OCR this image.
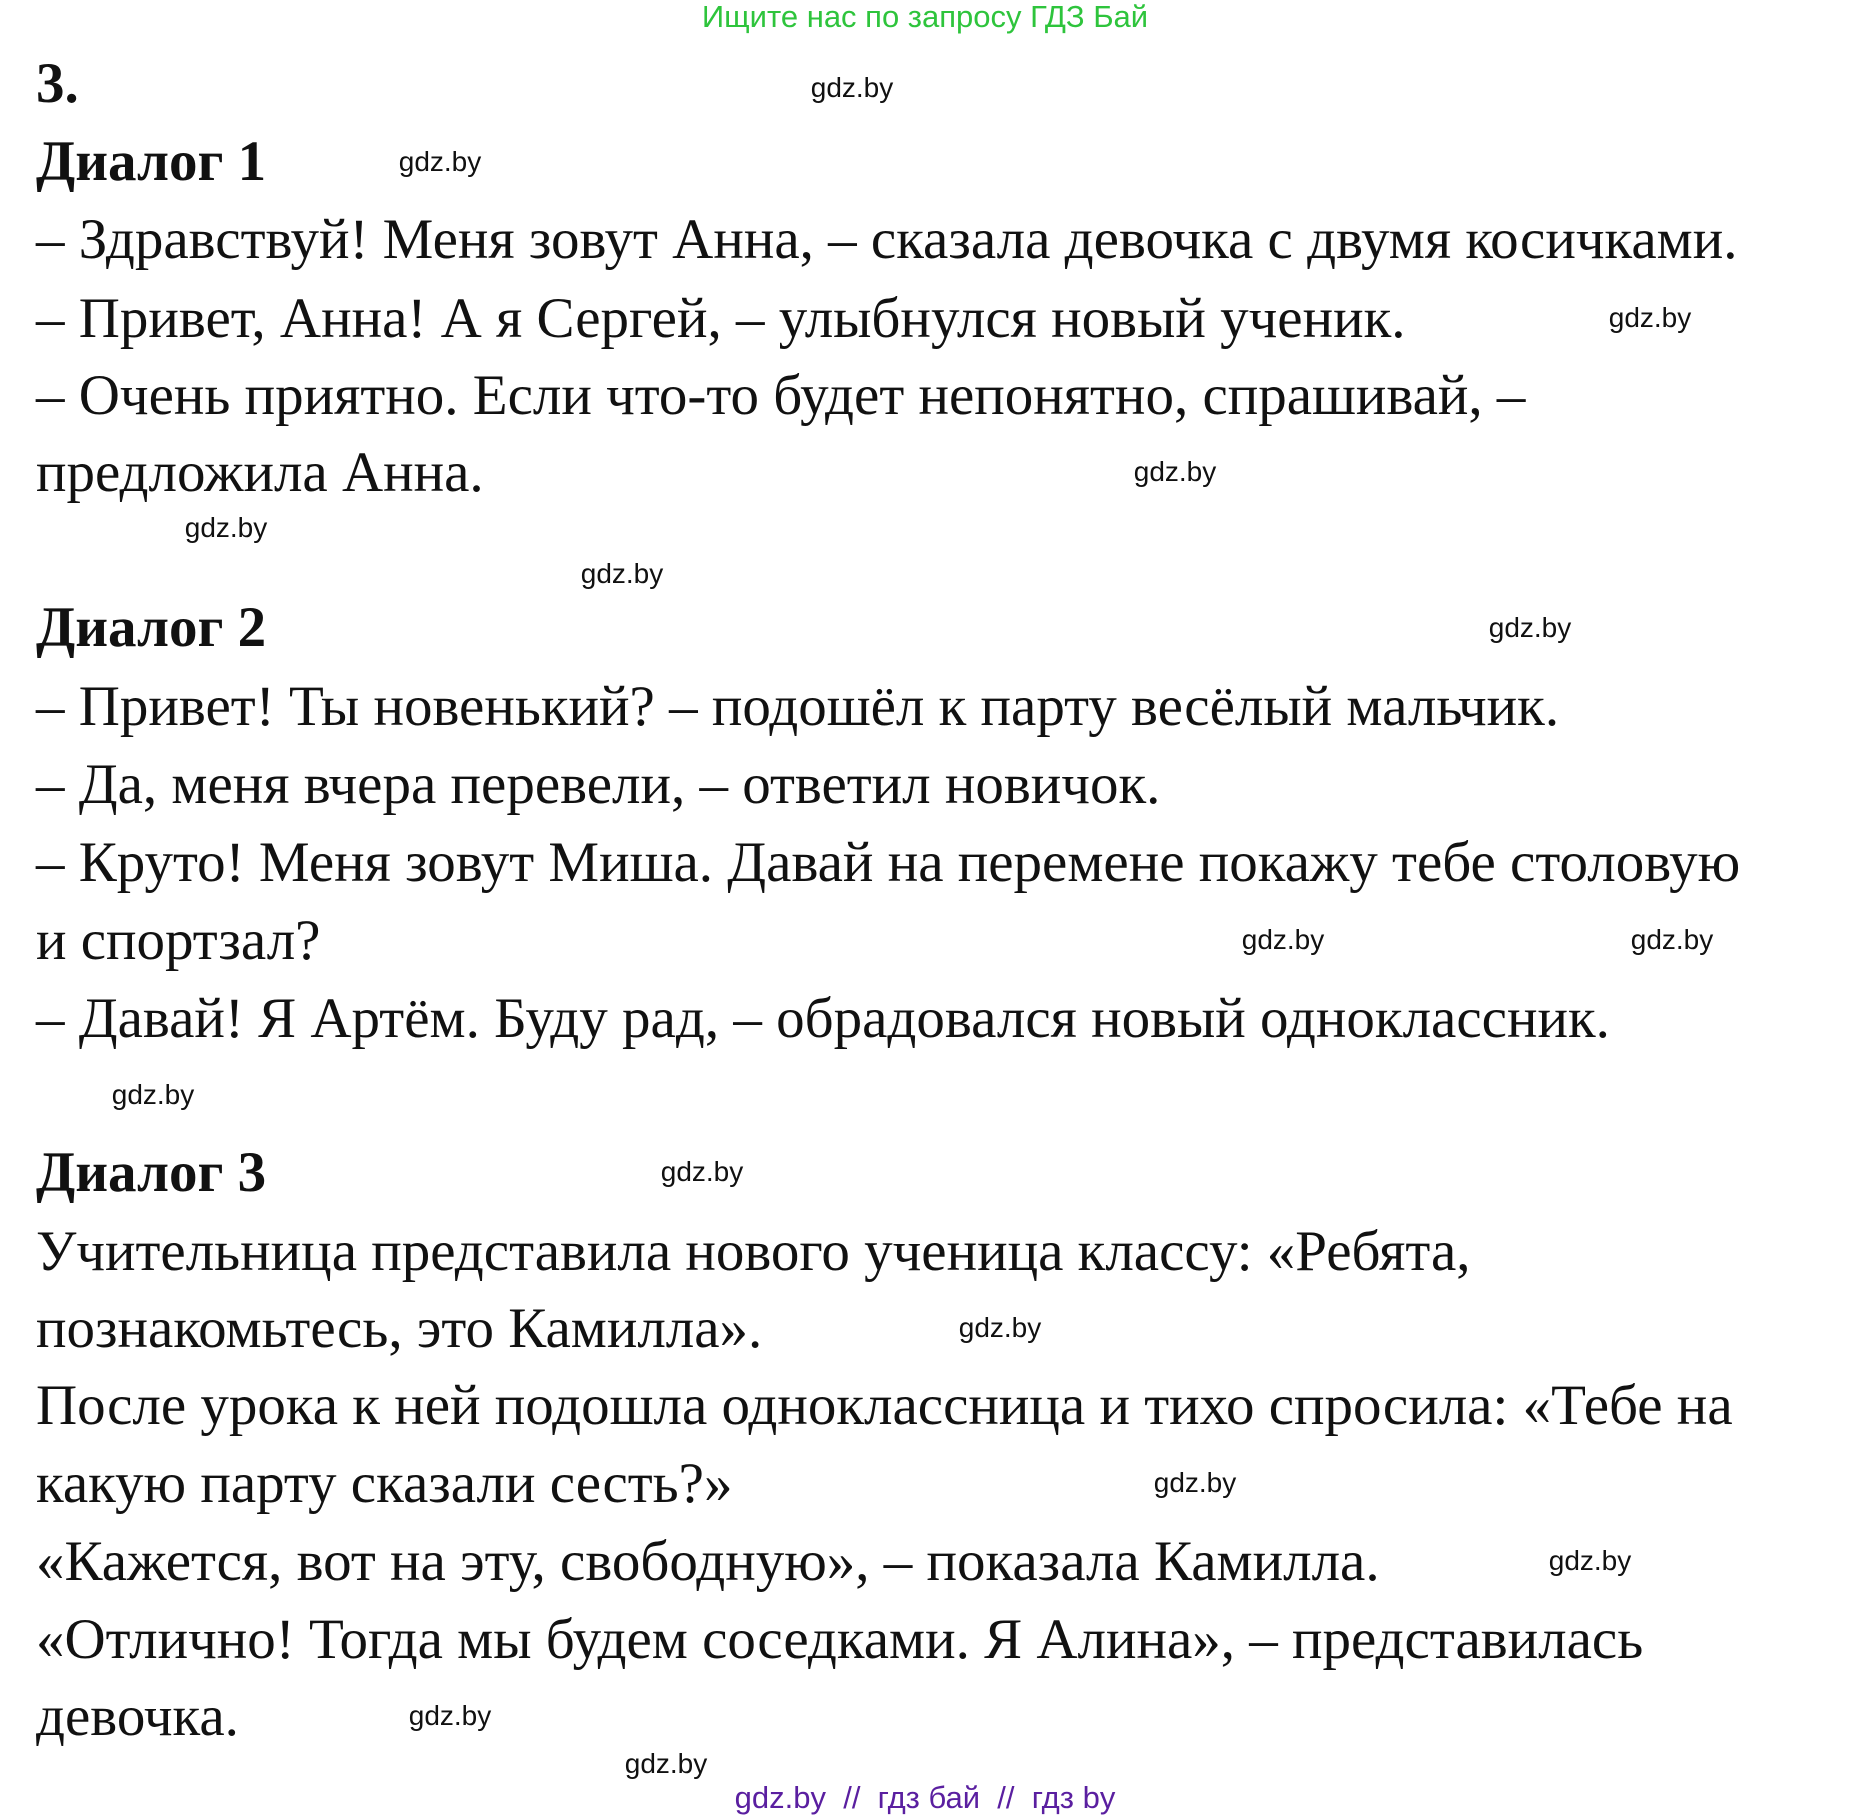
Ищите нас по запросу ГДЗ Бай
3.
Диалог 1
– Здравствуй! Меня зовут Анна, – сказала девочка с двумя косичками.
– Привет, Анна! А я Сергей, – улыбнулся новый ученик.
– Очень приятно. Если что-то будет непонятно, спрашивай, –
предложила Анна.
Диалог 2
– Привет! Ты новенький? – подошёл к парту весёлый мальчик.
– Да, меня вчера перевели, – ответил новичок.
– Круто! Меня зовут Миша. Давай на перемене покажу тебе столовую
и спортзал?
– Давай! Я Артём. Буду рад, – обрадовался новый одноклассник.
Диалог 3
Учительница представила нового ученица классу: «Ребята,
познакомьтесь, это Камилла».
После урока к ней подошла одноклассница и тихо спросила: «Тебе на
какую парту сказали сесть?»
«Кажется, вот на эту, свободную», – показала Камилла.
«Отлично! Тогда мы будем соседками. Я Алина», – представилась
девочка.
gdz.by
gdz.by
gdz.by
gdz.by
gdz.by
gdz.by
gdz.by
gdz.by	gdz.by
gdz.by
gdz.by
gdz.by
gdz.by
gdz.by
gdz.by
gdz.by
gdz.by  //  гдз бай  //  гдз by
